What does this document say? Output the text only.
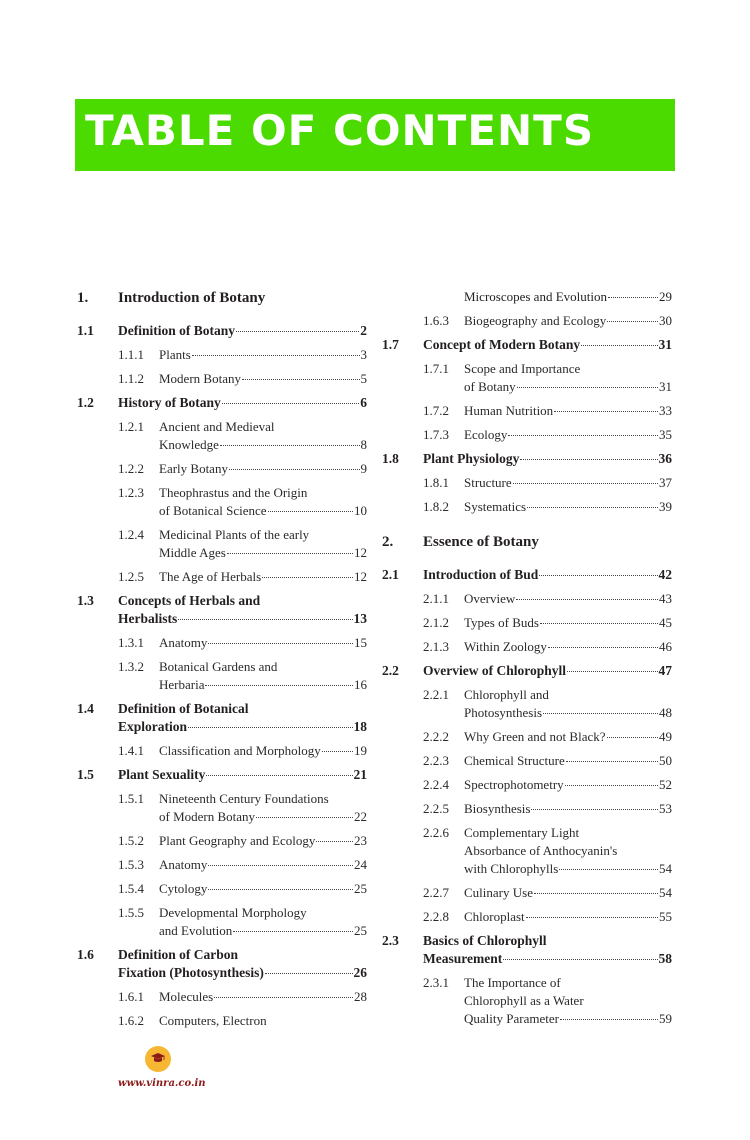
TABLE OF CONTENTS
1. Introduction of Botany
1.1 Definition of Botany	2
1.1.1 Plants	3
1.1.2 Modern Botany	5
1.2 History of Botany	6
1.2.1 Ancient and Medieval
Knowledge	8
1.2.2 Early Botany	9
1.2.3 Theophrastus and the Origin
of Botanical Science	10
1.2.4 Medicinal Plants of the early
Middle Ages	12
1.2.5 The Age of Herbals	12
1.3 Concepts of Herbals and
Herbalists	13
1.3.1 Anatomy	15
1.3.2 Botanical Gardens and
Herbaria	16
1.4 Definition of Botanical
Exploration	18
1.4.1 Classification and Morphology	19
1.5 Plant Sexuality	21
1.5.1 Nineteenth Century Foundations
of Modern Botany	22
1.5.2 Plant Geography and Ecology	23
1.5.3 Anatomy	24
1.5.4 Cytology	25
1.5.5 Developmental Morphology
and Evolution	25
1.6 Definition of Carbon
Fixation (Photosynthesis)	26
1.6.1 Molecules	28
1.6.2 Computers, Electron
Microscopes and Evolution	29
1.6.3 Biogeography and Ecology	30
1.7 Concept of Modern Botany	31
1.7.1 Scope and Importance
of Botany	31
1.7.2 Human Nutrition	33
1.7.3 Ecology	35
1.8 Plant Physiology	36
1.8.1 Structure	37
1.8.2 Systematics	39
2. Essence of Botany
2.1 Introduction of Bud	42
2.1.1 Overview	43
2.1.2 Types of Buds	45
2.1.3 Within Zoology	46
2.2 Overview of Chlorophyll	47
2.2.1 Chlorophyll and
Photosynthesis	48
2.2.2 Why Green and not Black?	49
2.2.3 Chemical Structure	50
2.2.4 Spectrophotometry	52
2.2.5 Biosynthesis	53
2.2.6 Complementary Light
Absorbance of Anthocyanin's
with Chlorophylls	54
2.2.7 Culinary Use	54
2.2.8 Chloroplast	55
2.3 Basics of Chlorophyll
Measurement	58
2.3.1 The Importance of
Chlorophyll as a Water
Quality Parameter	59
www.vinra.co.in
